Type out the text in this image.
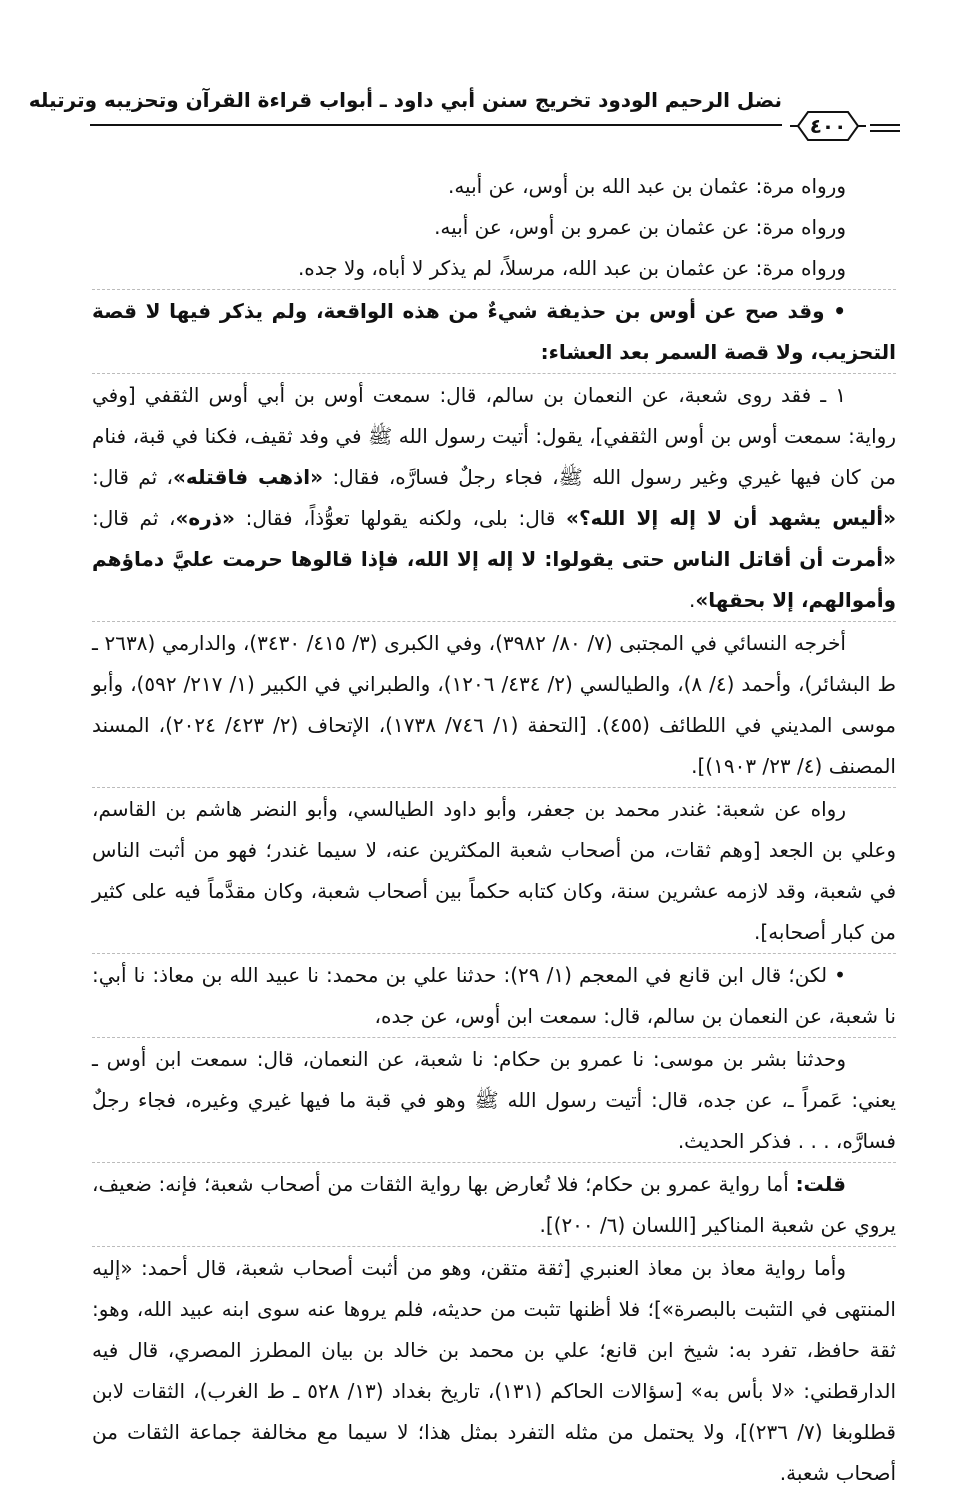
نضل الرحيم الودود تخريج سنن أبي داود ـ أبواب قراءة القرآن وتحزيبه وترتيله
٤٠٠

ورواه مرة: عثمان بن عبد الله بن أوس، عن أبيه.

ورواه مرة: عن عثمان بن عمرو بن أوس، عن أبيه.

ورواه مرة: عن عثمان بن عبد الله، مرسلاً، لم يذكر لا أباه، ولا جده.

• وقد صح عن أوس بن حذيفة شيءٌ من هذه الواقعة، ولم يذكر فيها لا قصة التحزيب، ولا قصة السمر بعد العشاء:

١ ـ فقد روى شعبة، عن النعمان بن سالم، قال: سمعت أوس بن أبي أوس الثقفي [وفي رواية: سمعت أوس بن أوس الثقفي]، يقول: أتيت رسول الله ﷺ في وفد ثقيف، فكنا في قبة، فنام من كان فيها غيري وغير رسول الله ﷺ، فجاء رجلٌ فسارَّه، فقال: «اذهب فاقتله»، ثم قال: «أليس يشهد أن لا إله إلا الله؟» قال: بلى، ولكنه يقولها تعوُّذاً، فقال: «ذره»، ثم قال: «أمرت أن أقاتل الناس حتى يقولوا: لا إله إلا الله، فإذا قالوها حرمت عليَّ دماؤهم وأموالهم، إلا بحقها».

أخرجه النسائي في المجتبى (٧/ ٨٠/ ٣٩٨٢)، وفي الكبرى (٣/ ٤١٥/ ٣٤٣٠)، والدارمي (٢٦٣٨ ـ ط البشائر)، وأحمد (٤/ ٨)، والطيالسي (٢/ ٤٣٤/ ١٢٠٦)، والطبراني في الكبير (١/ ٢١٧/ ٥٩٢)، وأبو موسى المديني في اللطائف (٤٥٥). [التحفة (١/ ٧٤٦/ ١٧٣٨)، الإتحاف (٢/ ٤٢٣/ ٢٠٢٤)، المسند المصنف (٤/ ٢٣/ ١٩٠٣)].

رواه عن شعبة: غندر محمد بن جعفر، وأبو داود الطيالسي، وأبو النضر هاشم بن القاسم، وعلي بن الجعد [وهم ثقات، من أصحاب شعبة المكثرين عنه، لا سيما غندر؛ فهو من أثبت الناس في شعبة، وقد لازمه عشرين سنة، وكان كتابه حكماً بين أصحاب شعبة، وكان مقدَّماً فيه على كثير من كبار أصحابه].

• لكن؛ قال ابن قانع في المعجم (١/ ٢٩): حدثنا علي بن محمد: نا عبيد الله بن معاذ: نا أبي: نا شعبة، عن النعمان بن سالم، قال: سمعت ابن أوس، عن جده،

وحدثنا بشر بن موسى: نا عمرو بن حكام: نا شعبة، عن النعمان، قال: سمعت ابن أوس ـ يعني: عَمراً ـ، عن جده، قال: أتيت رسول الله ﷺ وهو في قبة ما فيها غيري وغيره، فجاء رجلٌ فسارَّه، . . . فذكر الحديث.

قلت: أما رواية عمرو بن حكام؛ فلا تُعارض بها رواية الثقات من أصحاب شعبة؛ فإنه: ضعيف، يروي عن شعبة المناكير [اللسان (٦/ ٢٠٠)].

وأما رواية معاذ بن معاذ العنبري [ثقة متقن، وهو من أثبت أصحاب شعبة، قال أحمد: «إليه المنتهى في التثبت بالبصرة»]؛ فلا أظنها تثبت من حديثه، فلم يروها عنه سوى ابنه عبيد الله، وهو: ثقة حافظ، تفرد به: شيخ ابن قانع؛ علي بن محمد بن خالد بن بيان المطرز المصري، قال فيه الدارقطني: «لا بأس به» [سؤالات الحاكم (١٣١)، تاريخ بغداد (١٣/ ٥٢٨ ـ ط الغرب)، الثقات لابن قطلوبغا (٧/ ٢٣٦)]، ولا يحتمل من مثله التفرد بمثل هذا؛ لا سيما مع مخالفة جماعة الثقات من أصحاب شعبة.
